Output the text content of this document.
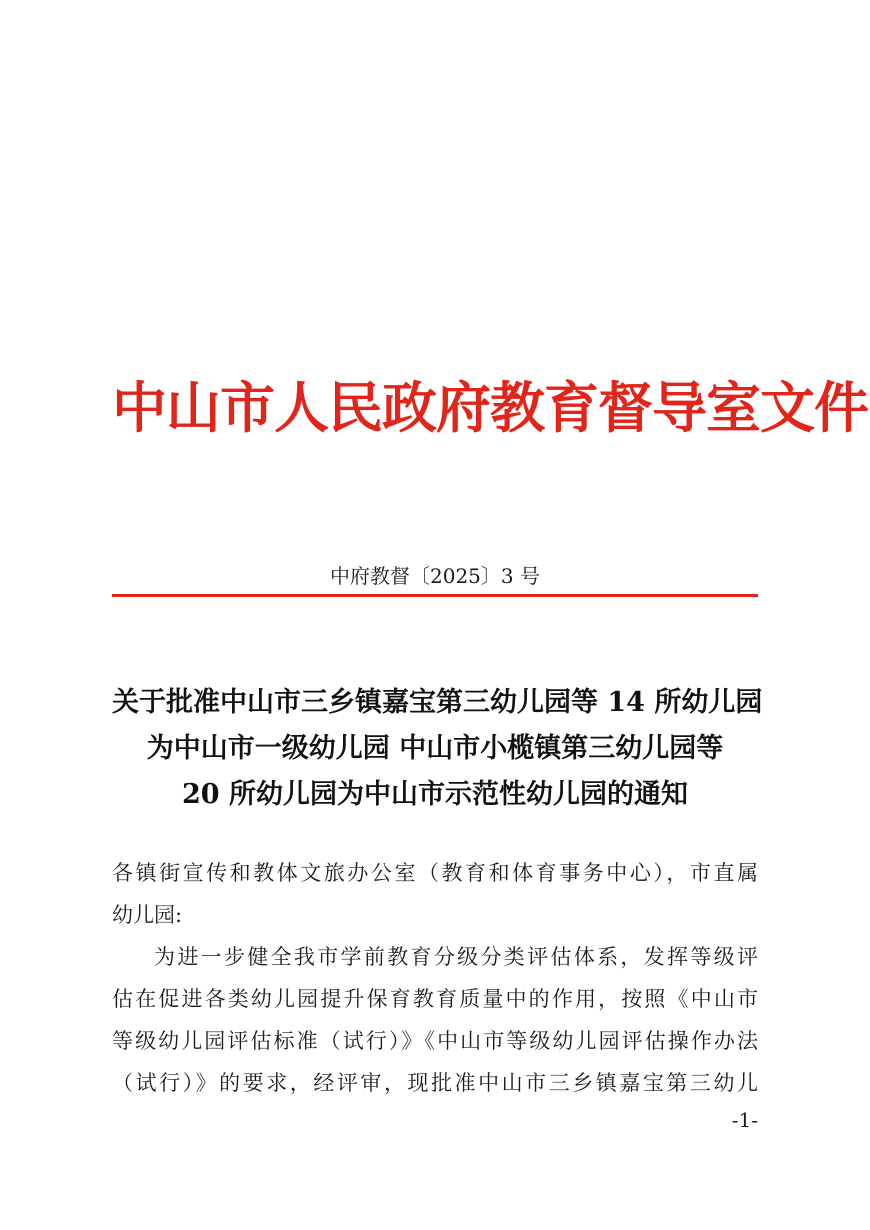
中山市人民政府教育督导室文件
中府教督〔2025〕3 号
关于批准中山市三乡镇嘉宝第三幼儿园等 14 所幼儿园
为中山市一级幼儿园 中山市小榄镇第三幼儿园等
20 所幼儿园为中山市示范性幼儿园的通知
各镇街宣传和教体文旅办公室（教育和体育事务中心），市直属
幼儿园:
为进一步健全我市学前教育分级分类评估体系，发挥等级评
估在促进各类幼儿园提升保育教育质量中的作用，按照《中山市
等级幼儿园评估标准（试行）》《中山市等级幼儿园评估操作办法
（试行）》的要求，经评审，现批准中山市三乡镇嘉宝第三幼儿
-1-
